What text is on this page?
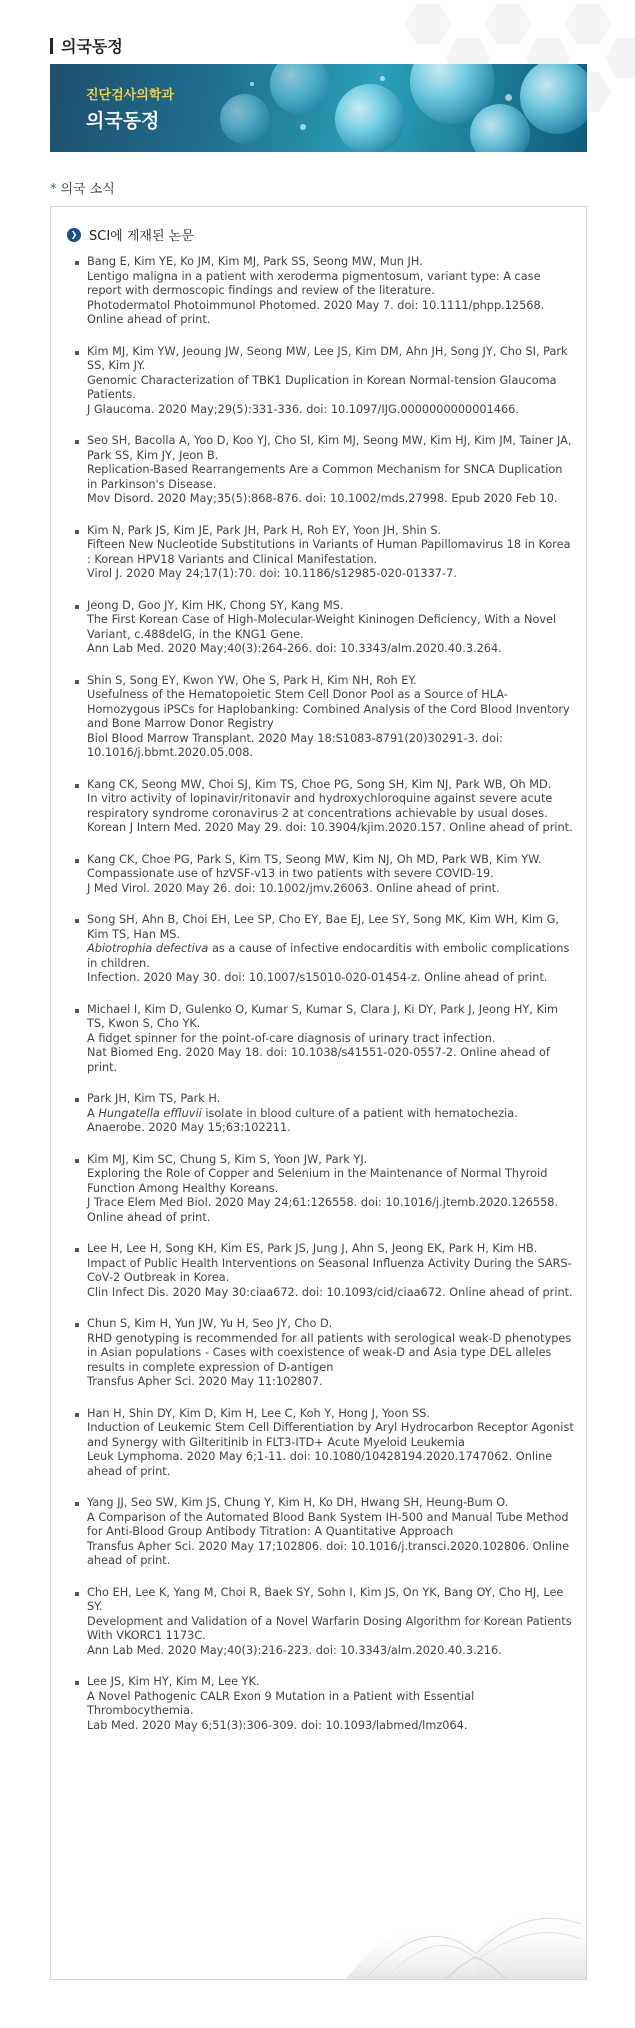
의국동정
진단검사의학과
의국동정
* 의국 소식
❯ SCI에 게재된 논문
Bang E, Kim YE, Ko JM, Kim MJ, Park SS, Seong MW, Mun JH.
Lentigo maligna in a patient with xeroderma pigmentosum, variant type: A case report with dermoscopic findings and review of the literature.
Photodermatol Photoimmunol Photomed. 2020 May 7. doi: 10.1111/phpp.12568. Online ahead of print.
Kim MJ, Kim YW, Jeoung JW, Seong MW, Lee JS, Kim DM, Ahn JH, Song JY, Cho SI, Park SS, Kim JY.
Genomic Characterization of TBK1 Duplication in Korean Normal-tension Glaucoma Patients.
J Glaucoma. 2020 May;29(5):331-336. doi: 10.1097/IJG.0000000000001466.
Seo SH, Bacolla A, Yoo D, Koo YJ, Cho SI, Kim MJ, Seong MW, Kim HJ, Kim JM, Tainer JA, Park SS, Kim JY, Jeon B.
Replication-Based Rearrangements Are a Common Mechanism for SNCA Duplication in Parkinson's Disease.
Mov Disord. 2020 May;35(5):868-876. doi: 10.1002/mds.27998. Epub 2020 Feb 10.
Kim N, Park JS, Kim JE, Park JH, Park H, Roh EY, Yoon JH, Shin S.
Fifteen New Nucleotide Substitutions in Variants of Human Papillomavirus 18 in Korea : Korean HPV18 Variants and Clinical Manifestation.
Virol J. 2020 May 24;17(1):70. doi: 10.1186/s12985-020-01337-7.
Jeong D, Goo JY, Kim HK, Chong SY, Kang MS.
The First Korean Case of High-Molecular-Weight Kininogen Deficiency, With a Novel Variant, c.488delG, in the KNG1 Gene.
Ann Lab Med. 2020 May;40(3):264-266. doi: 10.3343/alm.2020.40.3.264.
Shin S, Song EY, Kwon YW, Ohe S, Park H, Kim NH, Roh EY.
Usefulness of the Hematopoietic Stem Cell Donor Pool as a Source of HLA-Homozygous iPSCs for Haplobanking: Combined Analysis of the Cord Blood Inventory and Bone Marrow Donor Registry
Biol Blood Marrow Transplant. 2020 May 18:S1083-8791(20)30291-3. doi: 10.1016/j.bbmt.2020.05.008.
Kang CK, Seong MW, Choi SJ, Kim TS, Choe PG, Song SH, Kim NJ, Park WB, Oh MD.
In vitro activity of lopinavir/ritonavir and hydroxychloroquine against severe acute respiratory syndrome coronavirus 2 at concentrations achievable by usual doses.
Korean J Intern Med. 2020 May 29. doi: 10.3904/kjim.2020.157. Online ahead of print.
Kang CK, Choe PG, Park S, Kim TS, Seong MW, Kim NJ, Oh MD, Park WB, Kim YW.
Compassionate use of hzVSF-v13 in two patients with severe COVID-19.
J Med Virol. 2020 May 26. doi: 10.1002/jmv.26063. Online ahead of print.
Song SH, Ahn B, Choi EH, Lee SP, Cho EY, Bae EJ, Lee SY, Song MK, Kim WH, Kim G, Kim TS, Han MS.
Abiotrophia defectiva as a cause of infective endocarditis with embolic complications in children.
Infection. 2020 May 30. doi: 10.1007/s15010-020-01454-z. Online ahead of print.
Michael I, Kim D, Gulenko O, Kumar S, Kumar S, Clara J, Ki DY, Park J, Jeong HY, Kim TS, Kwon S, Cho YK.
A fidget spinner for the point-of-care diagnosis of urinary tract infection.
Nat Biomed Eng. 2020 May 18. doi: 10.1038/s41551-020-0557-2. Online ahead of print.
Park JH, Kim TS, Park H.
A Hungatella effluvii isolate in blood culture of a patient with hematochezia.
Anaerobe. 2020 May 15;63:102211.
Kim MJ, Kim SC, Chung S, Kim S, Yoon JW, Park YJ.
Exploring the Role of Copper and Selenium in the Maintenance of Normal Thyroid Function Among Healthy Koreans.
J Trace Elem Med Biol. 2020 May 24;61:126558. doi: 10.1016/j.jtemb.2020.126558. Online ahead of print.
Lee H, Lee H, Song KH, Kim ES, Park JS, Jung J, Ahn S, Jeong EK, Park H, Kim HB.
Impact of Public Health Interventions on Seasonal Influenza Activity During the SARS-CoV-2 Outbreak in Korea.
Clin Infect Dis. 2020 May 30:ciaa672. doi: 10.1093/cid/ciaa672. Online ahead of print.
Chun S, Kim H, Yun JW, Yu H, Seo JY, Cho D.
RHD genotyping is recommended for all patients with serological weak-D phenotypes in Asian populations - Cases with coexistence of weak-D and Asia type DEL alleles results in complete expression of D-antigen
Transfus Apher Sci. 2020 May 11:102807.
Han H, Shin DY, Kim D, Kim H, Lee C, Koh Y, Hong J, Yoon SS.
Induction of Leukemic Stem Cell Differentiation by Aryl Hydrocarbon Receptor Agonist and Synergy with Gilteritinib in FLT3-ITD+ Acute Myeloid Leukemia
Leuk Lymphoma. 2020 May 6;1-11. doi: 10.1080/10428194.2020.1747062. Online ahead of print.
Yang JJ, Seo SW, Kim JS, Chung Y, Kim H, Ko DH, Hwang SH, Heung-Bum O.
A Comparison of the Automated Blood Bank System IH-500 and Manual Tube Method for Anti-Blood Group Antibody Titration: A Quantitative Approach
Transfus Apher Sci. 2020 May 17;102806. doi: 10.1016/j.transci.2020.102806. Online ahead of print.
Cho EH, Lee K, Yang M, Choi R, Baek SY, Sohn I, Kim JS, On YK, Bang OY, Cho HJ, Lee SY.
Development and Validation of a Novel Warfarin Dosing Algorithm for Korean Patients With VKORC1 1173C.
Ann Lab Med. 2020 May;40(3):216-223. doi: 10.3343/alm.2020.40.3.216.
Lee JS, Kim HY, Kim M, Lee YK.
A Novel Pathogenic CALR Exon 9 Mutation in a Patient with Essential Thrombocythemia.
Lab Med. 2020 May 6;51(3):306-309. doi: 10.1093/labmed/lmz064.
